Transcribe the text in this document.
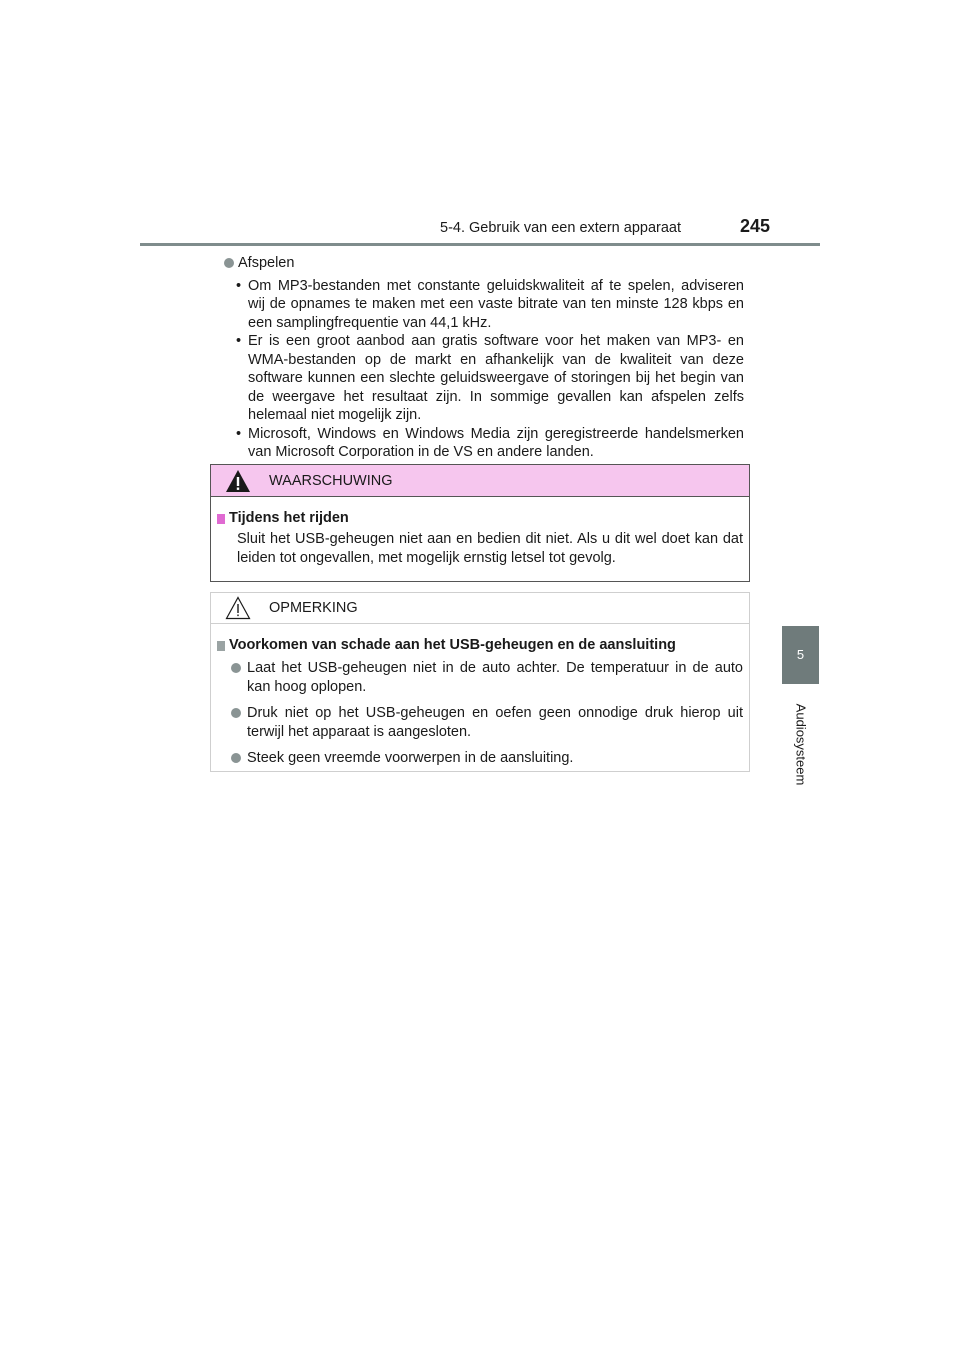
5-4. Gebruik van een extern apparaat	245
5
Audiosysteem
Afspelen
• Om MP3-bestanden met constante geluidskwaliteit af te spelen, adviseren wij de opnames te maken met een vaste bitrate van ten minste 128 kbps en een samplingfrequentie van 44,1 kHz.
• Er is een groot aanbod aan gratis software voor het maken van MP3- en WMA-bestanden op de markt en afhankelijk van de kwaliteit van deze software kunnen een slechte geluidsweergave of storingen bij het begin van de weergave het resultaat zijn. In sommige gevallen kan afspelen zelfs helemaal niet mogelijk zijn.
• Microsoft, Windows en Windows Media zijn geregistreerde handelsmerken van Microsoft Corporation in de VS en andere landen.
WAARSCHUWING
Tijdens het rijden
Sluit het USB-geheugen niet aan en bedien dit niet. Als u dit wel doet kan dat leiden tot ongevallen, met mogelijk ernstig letsel tot gevolg.
OPMERKING
Voorkomen van schade aan het USB-geheugen en de aansluiting
Laat het USB-geheugen niet in de auto achter. De temperatuur in de auto kan hoog oplopen.
Druk niet op het USB-geheugen en oefen geen onnodige druk hierop uit terwijl het apparaat is aangesloten.
Steek geen vreemde voorwerpen in de aansluiting.
